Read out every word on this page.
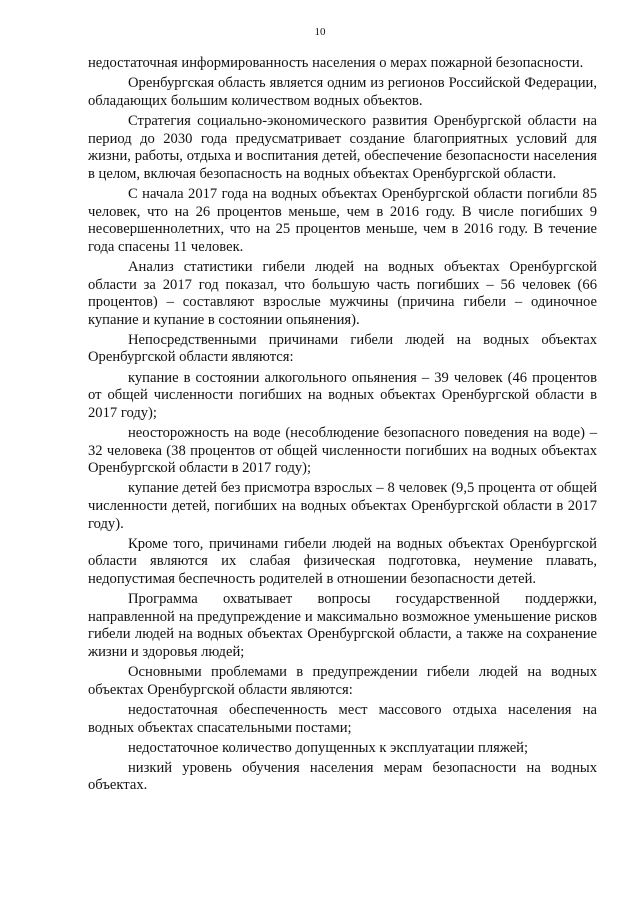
10

недостаточная информированность населения о мерах пожарной безопасности.

Оренбургская область является одним из регионов Российской Федерации, обладающих большим количеством водных объектов.

Стратегия социально-экономического развития Оренбургской области на период до 2030 года предусматривает создание благоприятных условий для жизни, работы, отдыха и воспитания детей, обеспечение безопасности населения в целом, включая безопасность на водных объектах Оренбургской области.

С начала 2017 года на водных объектах Оренбургской области погибли 85 человек, что на 26 процентов меньше, чем в 2016 году. В числе погибших 9 несовершеннолетних, что на 25 процентов меньше, чем в 2016 году. В течение года спасены 11 человек.

Анализ статистики гибели людей на водных объектах Оренбургской области за 2017 год показал, что большую часть погибших – 56 человек (66 процентов) – составляют взрослые мужчины (причина гибели – одиночное купание и купание в состоянии опьянения).

Непосредственными причинами гибели людей на водных объектах Оренбургской области являются:

купание в состоянии алкогольного опьянения – 39 человек (46 процентов от общей численности погибших на водных объектах Оренбургской области в 2017 году);

неосторожность на воде (несоблюдение безопасного поведения на воде) – 32 человека (38 процентов от общей численности погибших на водных объектах Оренбургской области в 2017 году);

купание детей без присмотра взрослых – 8 человек (9,5 процента от общей численности детей, погибших на водных объектах Оренбургской области в 2017 году).

Кроме того, причинами гибели людей на водных объектах Оренбургской области являются их слабая физическая подготовка, неумение плавать, недопустимая беспечность родителей в отношении безопасности детей.

Программа охватывает вопросы государственной поддержки, направленной на предупреждение и максимально возможное уменьшение рисков гибели людей на водных объектах Оренбургской области, а также на сохранение жизни и здоровья людей;

Основными проблемами в предупреждении гибели людей на водных объектах Оренбургской области являются:

недостаточная обеспеченность мест массового отдыха населения на водных объектах спасательными постами;

недостаточное количество допущенных к эксплуатации пляжей;

низкий уровень обучения населения мерам безопасности на водных объектах.
